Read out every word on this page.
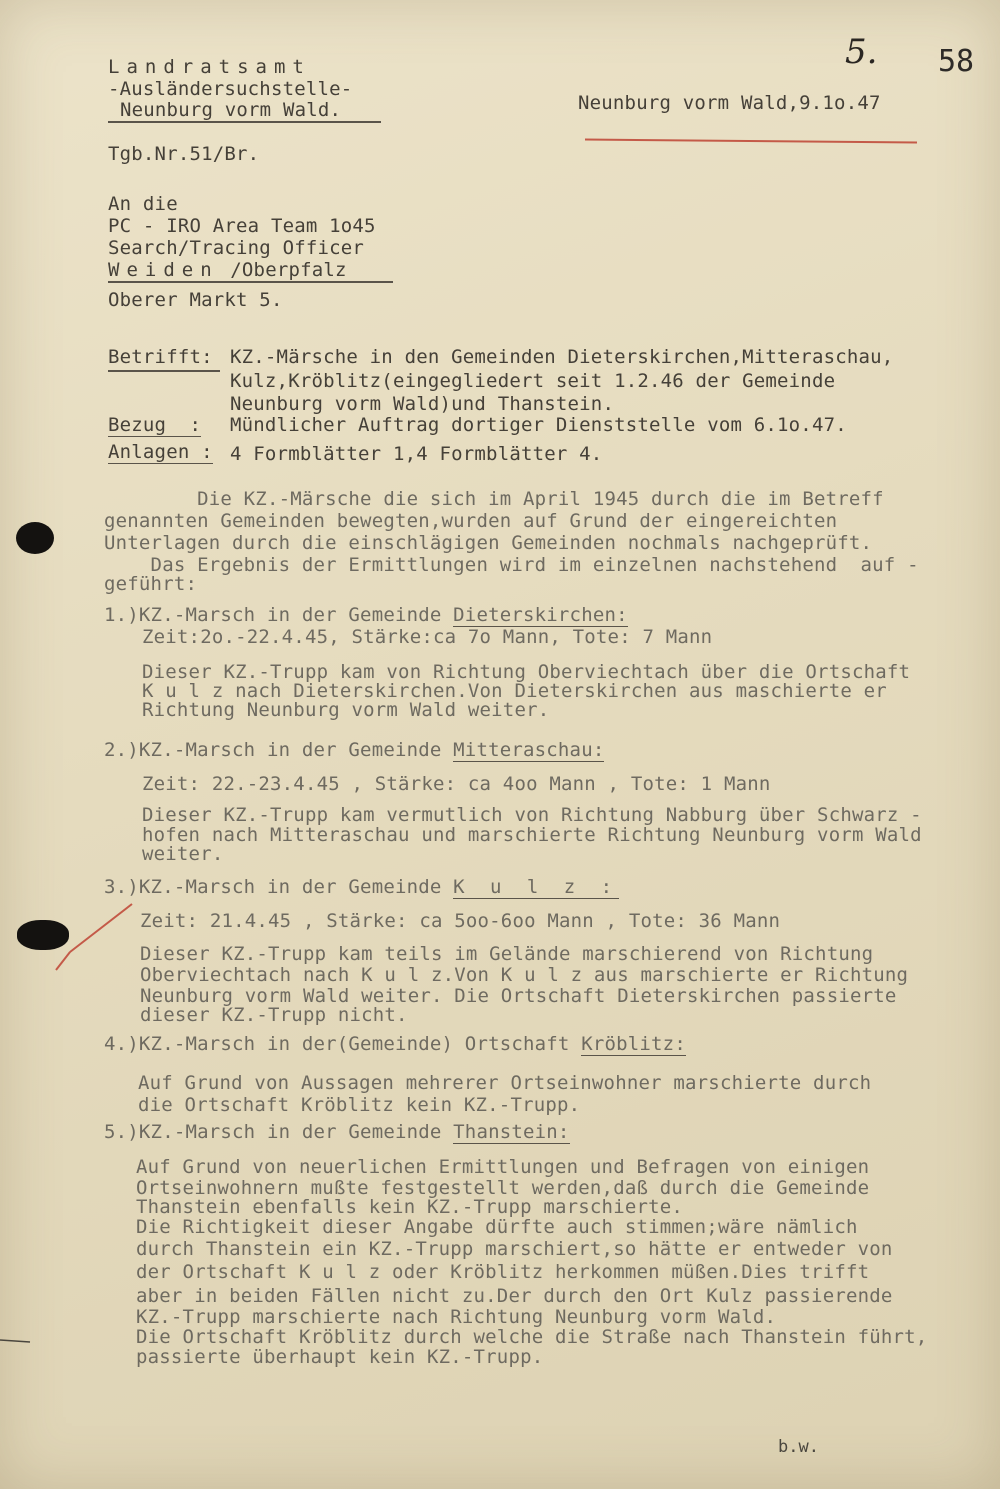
5. 58
Landratsamt
-Ausländersuchstelle-
Neunburg vorm Wald.	Neunburg vorm Wald,9.1o.47
Tgb.Nr.51/Br.
An die
PC - IRO Area Team 1o45
Search/Tracing Officer
Weiden /Oberpfalz
Oberer Markt 5.
Betrifft: KZ.-Märsche in den Gemeinden Dieterskirchen,Mitteraschau,
Kulz,Kröblitz(eingegliedert seit 1.2.46 der Gemeinde
Neunburg vorm Wald)und Thanstein.
Bezug  : Mündlicher Auftrag dortiger Dienststelle vom 6.1o.47.
Anlagen : 4 Formblätter 1,4 Formblätter 4.
Die KZ.-Märsche die sich im April 1945 durch die im Betreff
genannten Gemeinden bewegten,wurden auf Grund der eingereichten
Unterlagen durch die einschlägigen Gemeinden nochmals nachgeprüft.
Das Ergebnis der Ermittlungen wird im einzelnen nachstehend  auf -
geführt:
1.)KZ.-Marsch in der Gemeinde Dieterskirchen:
Zeit:2o.-22.4.45, Stärke:ca 7o Mann, Tote: 7 Mann
Dieser KZ.-Trupp kam von Richtung Oberviechtach über die Ortschaft
K u l z nach Dieterskirchen.Von Dieterskirchen aus maschierte er
Richtung Neunburg vorm Wald weiter.
2.)KZ.-Marsch in der Gemeinde Mitteraschau:
Zeit: 22.-23.4.45 , Stärke: ca 4oo Mann , Tote: 1 Mann
Dieser KZ.-Trupp kam vermutlich von Richtung Nabburg über Schwarz -
hofen nach Mitteraschau und marschierte Richtung Neunburg vorm Wald
weiter.
3.)KZ.-Marsch in der Gemeinde K u l z :
Zeit: 21.4.45 , Stärke: ca 5oo-6oo Mann , Tote: 36 Mann
Dieser KZ.-Trupp kam teils im Gelände marschierend von Richtung
Oberviechtach nach K u l z.Von K u l z aus marschierte er Richtung
Neunburg vorm Wald weiter. Die Ortschaft Dieterskirchen passierte
dieser KZ.-Trupp nicht.
4.)KZ.-Marsch in der(Gemeinde) Ortschaft Kröblitz:
Auf Grund von Aussagen mehrerer Ortseinwohner marschierte durch
die Ortschaft Kröblitz kein KZ.-Trupp.
5.)KZ.-Marsch in der Gemeinde Thanstein:
Auf Grund von neuerlichen Ermittlungen und Befragen von einigen
Ortseinwohnern mußte festgestellt werden,daß durch die Gemeinde
Thanstein ebenfalls kein KZ.-Trupp marschierte.
Die Richtigkeit dieser Angabe dürfte auch stimmen;wäre nämlich
durch Thanstein ein KZ.-Trupp marschiert,so hätte er entweder von
der Ortschaft K u l z oder Kröblitz herkommen müßen.Dies trifft
aber in beiden Fällen nicht zu.Der durch den Ort Kulz passierende
KZ.-Trupp marschierte nach Richtung Neunburg vorm Wald.
Die Ortschaft Kröblitz durch welche die Straße nach Thanstein führt,
passierte überhaupt kein KZ.-Trupp.
b.w.
